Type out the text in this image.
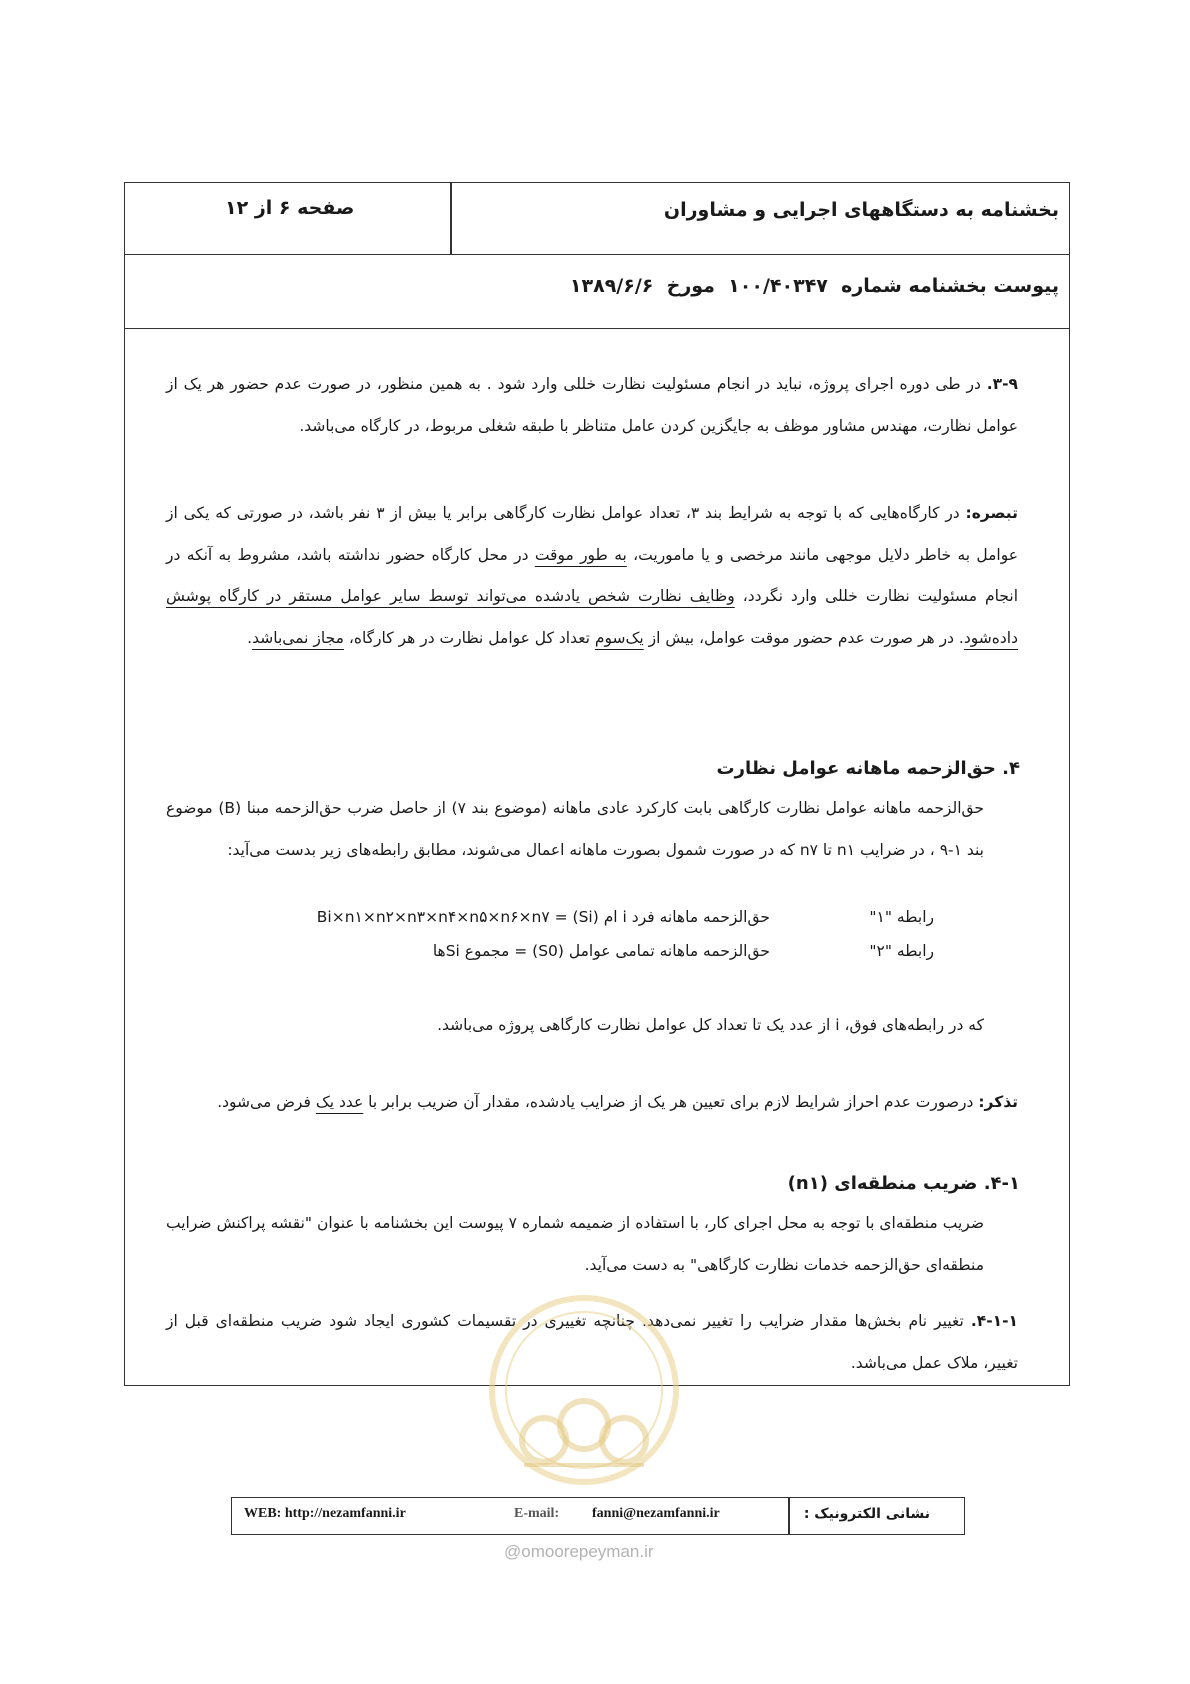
بخشنامه به دستگاههای اجرایی و مشاوران
صفحه ۶ از ۱۲
پیوست بخشنامه شماره  ۱۰۰/۴۰۳۴۷  مورخ  ۱۳۸۹/۶/۶
۳-۹. در طی دوره اجرای پروژه، نباید در انجام مسئولیت نظارت خللی وارد شود . به همین منظور، در صورت عدم حضور هر یک از عوامل نظارت، مهندس مشاور موظف به جایگزین کردن عامل متناظر با طبقه شغلی مربوط، در کارگاه می‌باشد.
تبصره: در کارگاه‌هایی که با توجه به شرایط بند ۳، تعداد عوامل نظارت کارگاهی برابر یا بیش از ۳ نفر باشد، در صورتی که یکی از عوامل به خاطر دلایل موجهی مانند مرخصی و یا ماموریت، به طور موقت در محل کارگاه حضور نداشته باشد، مشروط به آنکه در انجام مسئولیت نظارت خللی وارد نگردد، وظایف نظارت شخص یادشده می‌تواند توسط سایر عوامل مستقر در کارگاه پوشش داده‌شود. در هر صورت عدم حضور موقت عوامل، بیش از یک‌سوم تعداد کل عوامل نظارت در هر کارگاه، مجاز نمی‌باشد.
۴. حق‌الزحمه ماهانه عوامل نظارت
حق‌الزحمه ماهانه عوامل نظارت کارگاهی بابت کارکرد عادی ماهانه (موضوع بند ۷) از حاصل ضرب حق‌الزحمه مبنا (B) موضوع بند ۱-۹ ، در ضرایب n۱ تا n۷ که در صورت شمول بصورت ماهانه اعمال می‌شوند، مطابق رابطه‌های زیر بدست می‌آید:
رابطه "۱"
حق‌الزحمه ماهانه فرد i ام (Si) = Bi×n۱×n۲×n۳×n۴×n۵×n۶×n۷
رابطه "۲"
حق‌الزحمه ماهانه تمامی عوامل (S0) = مجموع Siها
که در رابطه‌های فوق، i از عدد یک تا تعداد کل عوامل نظارت کارگاهی پروژه می‌باشد.
تذکر: درصورت عدم احراز شرایط لازم برای تعیین هر یک از ضرایب یادشده، مقدار آن ضریب برابر با عدد یک فرض می‌شود.
۴-۱. ضریب منطقه‌ای (n۱)
ضریب منطقه‌ای با توجه به محل اجرای کار، با استفاده از ضمیمه شماره ۷ پیوست این بخشنامه با عنوان "نقشه پراکنش ضرایب منطقه‌ای حق‌الزحمه خدمات نظارت کارگاهی" به دست می‌آید.
۴-۱-۱. تغییر نام بخش‌ها مقدار ضرایب را تغییر نمی‌دهد. چنانچه تغییری در تقسیمات کشوری ایجاد شود ضریب منطقه‌ای قبل از تغییر، ملاک عمل می‌باشد.
@omoorepeyman.ir
نشانی الکترونیک :
WEB: http://nezamfanni.ir	E-mail: fanni@nezamfanni.ir
